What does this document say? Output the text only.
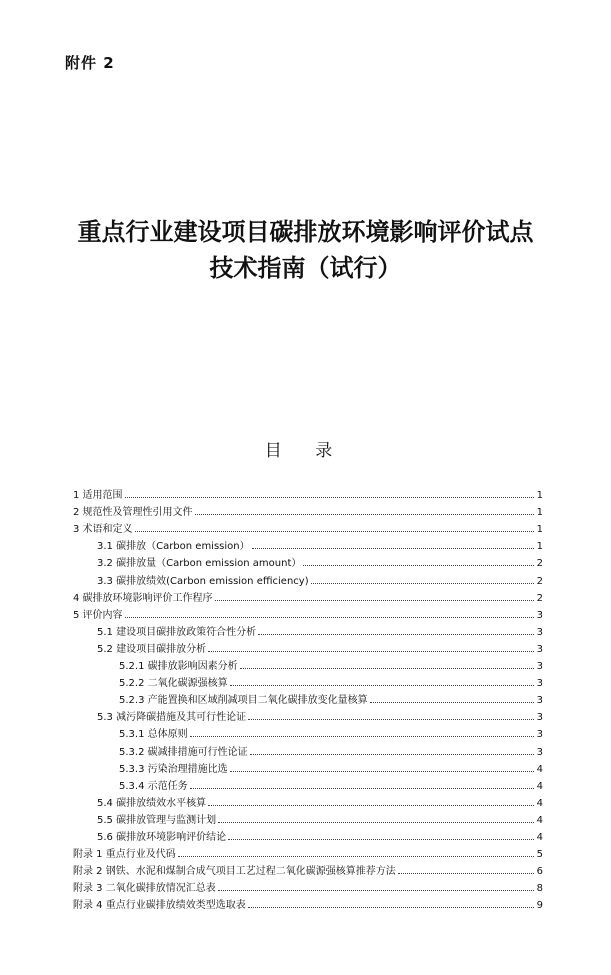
附件 2
重点行业建设项目碳排放环境影响评价试点
技术指南（试行）
目 录
1 适用范围	1
2 规范性及管理性引用文件	1
3 术语和定义	1
3.1 碳排放（Carbon emission）	1
3.2 碳排放量（Carbon emission amount）	2
3.3 碳排放绩效(Carbon emission efficiency)	2
4 碳排放环境影响评价工作程序	2
5 评价内容	3
5.1 建设项目碳排放政策符合性分析	3
5.2 建设项目碳排放分析	3
5.2.1 碳排放影响因素分析	3
5.2.2 二氧化碳源强核算	3
5.2.3 产能置换和区域削减项目二氧化碳排放变化量核算	3
5.3 减污降碳措施及其可行性论证	3
5.3.1 总体原则	3
5.3.2 碳减排措施可行性论证	3
5.3.3 污染治理措施比选	4
5.3.4 示范任务	4
5.4 碳排放绩效水平核算	4
5.5 碳排放管理与监测计划	4
5.6 碳排放环境影响评价结论	4
附录 1 重点行业及代码	5
附录 2 钢铁、水泥和煤制合成气项目工艺过程二氧化碳源强核算推荐方法	6
附录 3 二氧化碳排放情况汇总表	8
附录 4 重点行业碳排放绩效类型选取表	9
